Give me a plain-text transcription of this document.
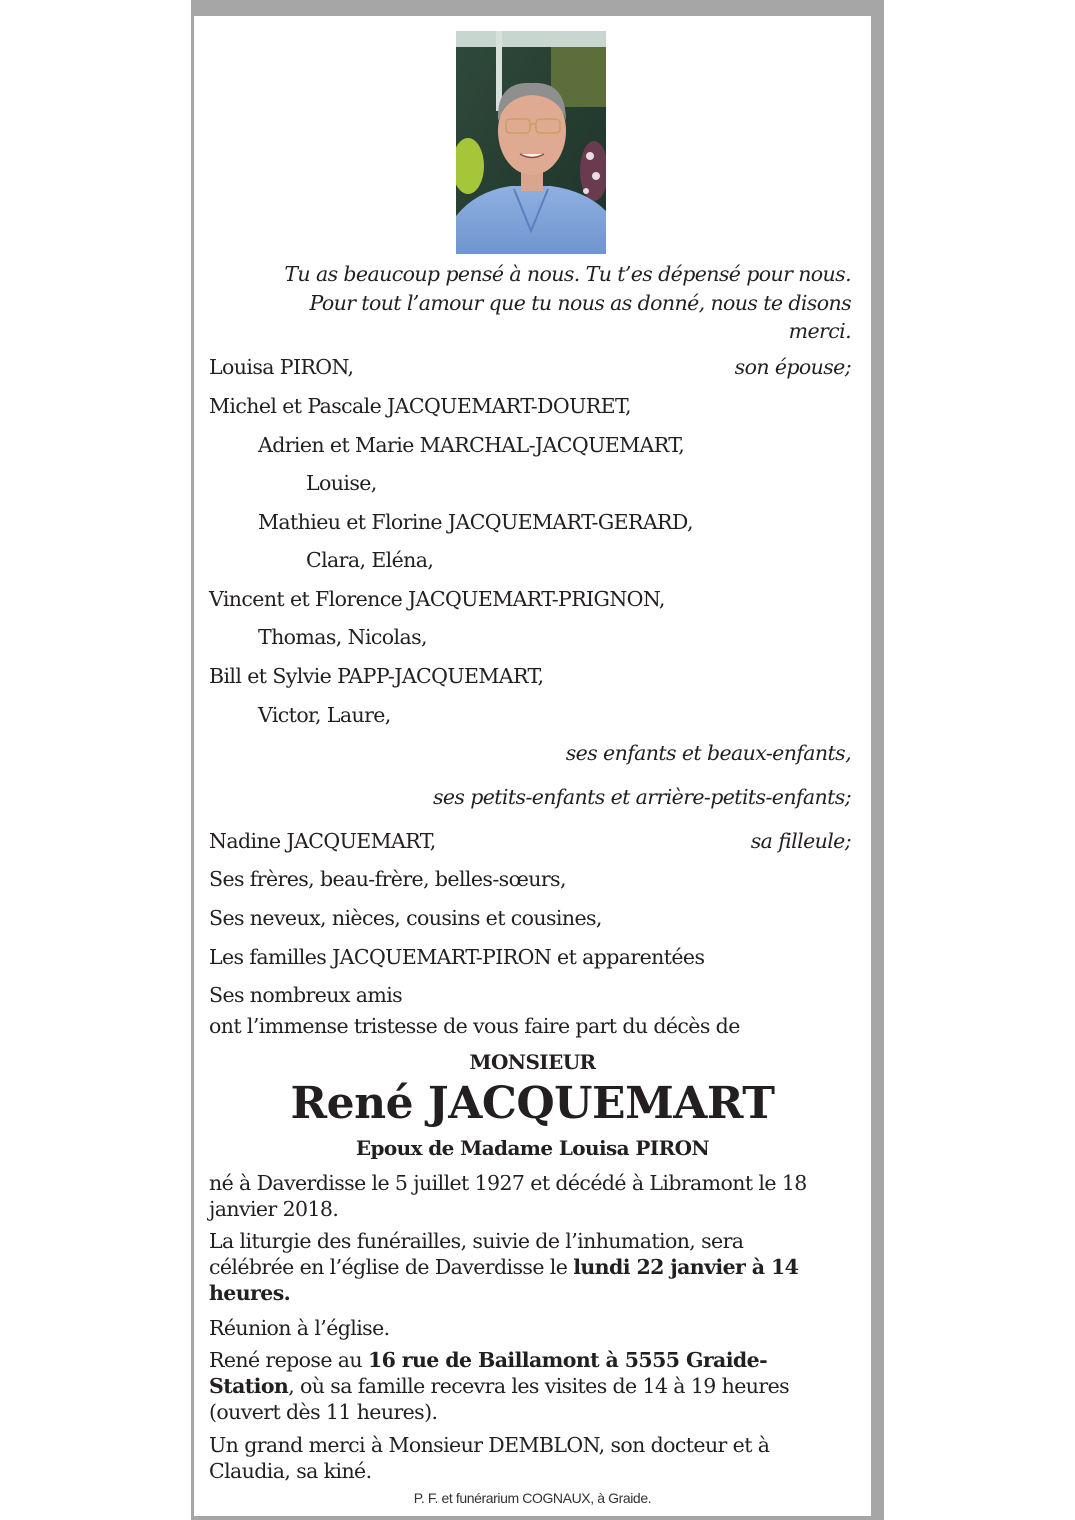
Tu as beaucoup pensé à nous. Tu t’es dépensé pour nous.
Pour tout l’amour que tu nous as donné, nous te disons
merci.
Louisa PIRON,	son épouse;
Michel et Pascale JACQUEMART-DOURET,
Adrien et Marie MARCHAL-JACQUEMART,
Louise,
Mathieu et Florine JACQUEMART-GERARD,
Clara, Eléna,
Vincent et Florence JACQUEMART-PRIGNON,
Thomas, Nicolas,
Bill et Sylvie PAPP-JACQUEMART,
Victor, Laure,
ses enfants et beaux-enfants,
ses petits-enfants et arrière-petits-enfants;
Nadine JACQUEMART,	sa filleule;
Ses frères, beau-frère, belles-sœurs,
Ses neveux, nièces, cousins et cousines,
Les familles JACQUEMART-PIRON et apparentées
Ses nombreux amis
ont l’immense tristesse de vous faire part du décès de
MONSIEUR
René JACQUEMART
Epoux de Madame Louisa PIRON
né à Daverdisse le 5 juillet 1927 et décédé à Libramont le 18 janvier 2018.
La liturgie des funérailles, suivie de l’inhumation, sera célébrée en l’église de Daverdisse le lundi 22 janvier à 14 heures.
Réunion à l’église.
René repose au 16 rue de Baillamont à 5555 Graide-Station, où sa famille recevra les visites de 14 à 19 heures (ouvert dès 11 heures).
Un grand merci à Monsieur DEMBLON, son docteur et à Claudia, sa kiné.
P. F. et funérarium COGNAUX, à Graide.
